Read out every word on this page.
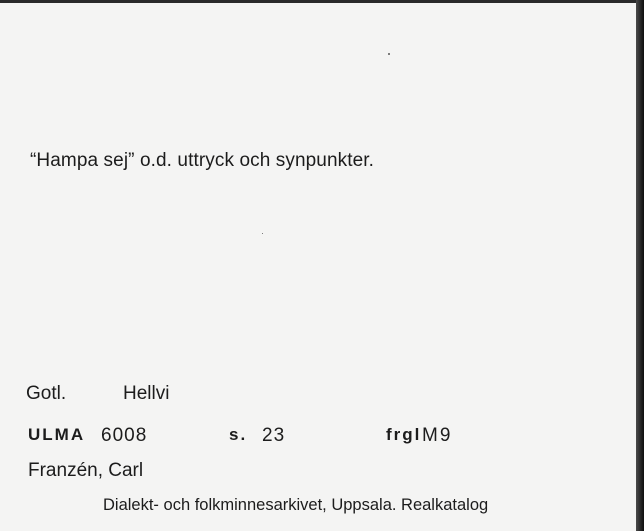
“Hampa sej” o.d. uttryck och synpunkter.
Gotl.	Hellvi
ULMA 6008	s. 23	frgl M9
Franzén, Carl
Dialekt- och folkminnesarkivet, Uppsala. Realkatalog
